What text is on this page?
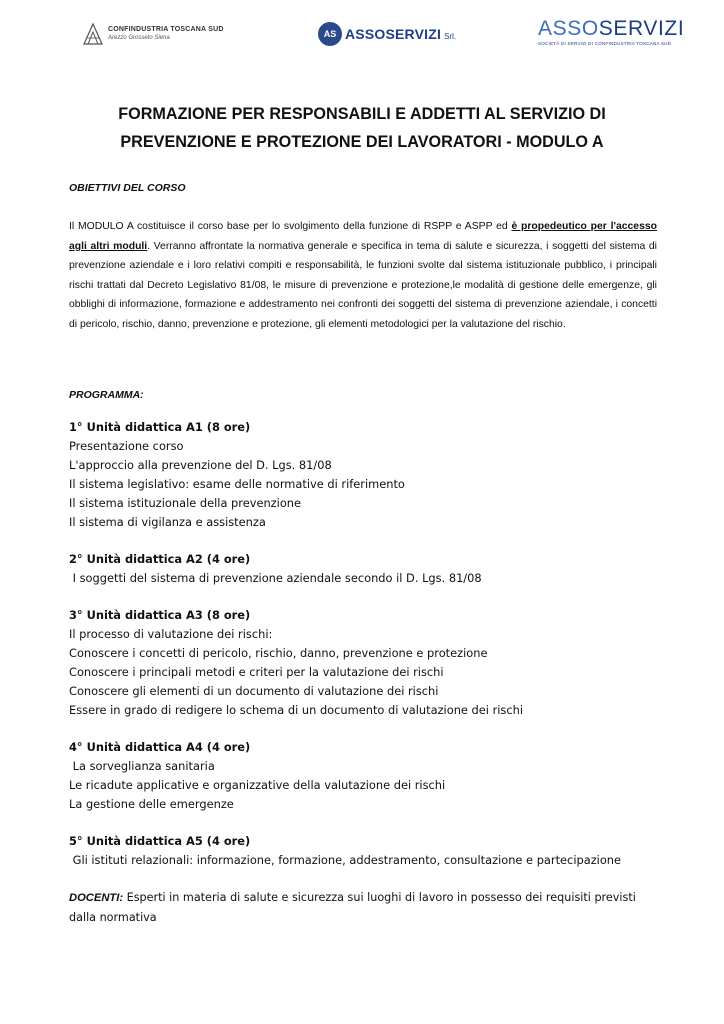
CONFINDUSTRIA TOSCANA SUD
Arezzo Grosseto Siena	AS ASSOSERVIZI Srl.	ASSOSERVIZI
SOCIETÀ DI SERVIZI DI CONFINDUSTRIA TOSCANA SUD
FORMAZIONE PER RESPONSABILI E ADDETTI AL SERVIZIO DI
PREVENZIONE E PROTEZIONE DEI LAVORATORI - MODULO A
OBIETTIVI DEL CORSO
Il MODULO A costituisce il corso base per lo svolgimento della funzione di RSPP e ASPP ed è propedeutico per l'accesso agli altri moduli. Verranno affrontate la normativa generale e specifica in tema di salute e sicurezza, i soggetti del sistema di prevenzione aziendale e i loro relativi compiti e responsabilità, le funzioni svolte dal sistema istituzionale pubblico, i principali rischi trattati dal Decreto Legislativo 81/08, le misure di prevenzione e protezione,le modalità di gestione delle emergenze, gli obblighi di informazione, formazione e addestramento nei confronti dei soggetti del sistema di prevenzione aziendale, i concetti di pericolo, rischio, danno, prevenzione e protezione, gli elementi metodologici per la valutazione del rischio.
PROGRAMMA:
1° Unità didattica A1 (8 ore)
Presentazione corso
L'approccio alla prevenzione del D. Lgs. 81/08
Il sistema legislativo: esame delle normative di riferimento
Il sistema istituzionale della prevenzione
Il sistema di vigilanza e assistenza
2° Unità didattica A2 (4 ore)
I soggetti del sistema di prevenzione aziendale secondo il D. Lgs. 81/08
3° Unità didattica A3 (8 ore)
Il processo di valutazione dei rischi:
Conoscere i concetti di pericolo, rischio, danno, prevenzione e protezione
Conoscere i principali metodi e criteri per la valutazione dei rischi
Conoscere gli elementi di un documento di valutazione dei rischi
Essere in grado di redigere lo schema di un documento di valutazione dei rischi
4° Unità didattica A4 (4 ore)
La sorveglianza sanitaria
Le ricadute applicative e organizzative della valutazione dei rischi
La gestione delle emergenze
5° Unità didattica A5 (4 ore)
Gli istituti relazionali: informazione, formazione, addestramento, consultazione e partecipazione
DOCENTI: Esperti in materia di salute e sicurezza sui luoghi di lavoro in possesso dei requisiti previsti dalla normativa
